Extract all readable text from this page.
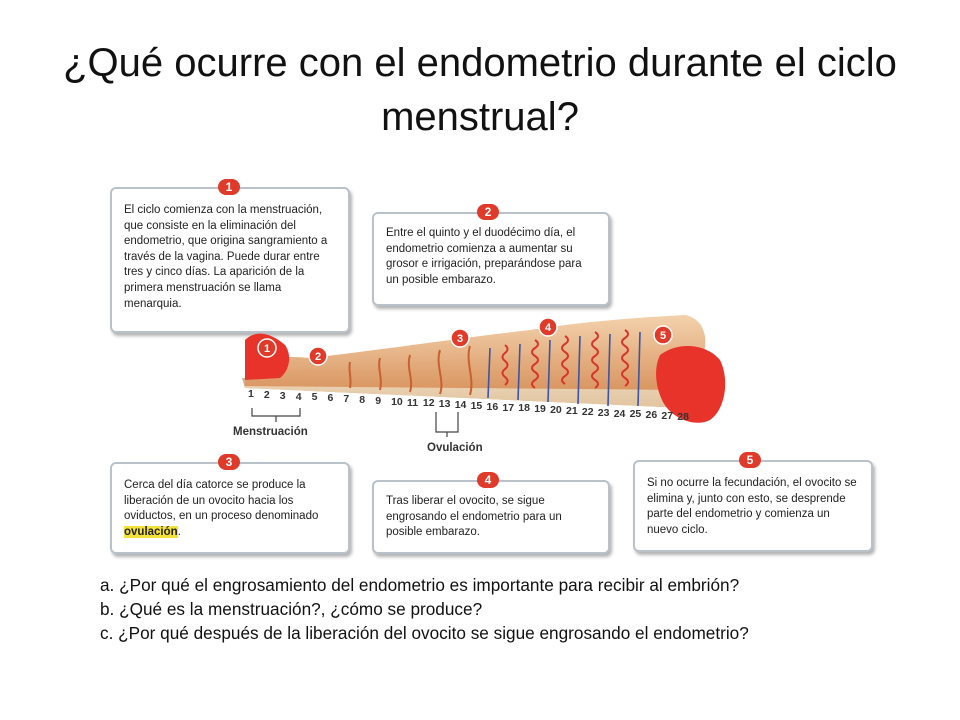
¿Qué ocurre con el endometrio durante el ciclo menstrual?
El ciclo comienza con la menstruación, que consiste en la eliminación del endometrio, que origina sangramiento a través de la vagina. Puede durar entre tres y cinco días. La aparición de la primera menstruación se llama menarquia.
1
Entre el quinto y el duodécimo día, el endometrio comienza a aumentar su grosor e irrigación, preparándose para un posible embarazo.
2
Cerca del día catorce se produce la liberación de un ovocito hacia los oviductos, en un proceso denominado ovulación.
3
Tras liberar el ovocito, se sigue engrosando el endometrio para un posible embarazo.
4	Si no ocurre la fecundación, el ovocito se elimina y, junto con esto, se desprende parte del endometrio y comienza un nuevo ciclo.
5
1
2
3
4
5
1 2 3 4 5 6 7 8 9 10 11 12 13 14 15 16 17 18 19 20 21 22 23 24 25 26 27 28
Menstruación
Ovulación
a. ¿Por qué el engrosamiento del endometrio es importante para recibir al embrión?
b. ¿Qué es la menstruación?, ¿cómo se produce?
c. ¿Por qué después de la liberación del ovocito se sigue engrosando el endometrio?
